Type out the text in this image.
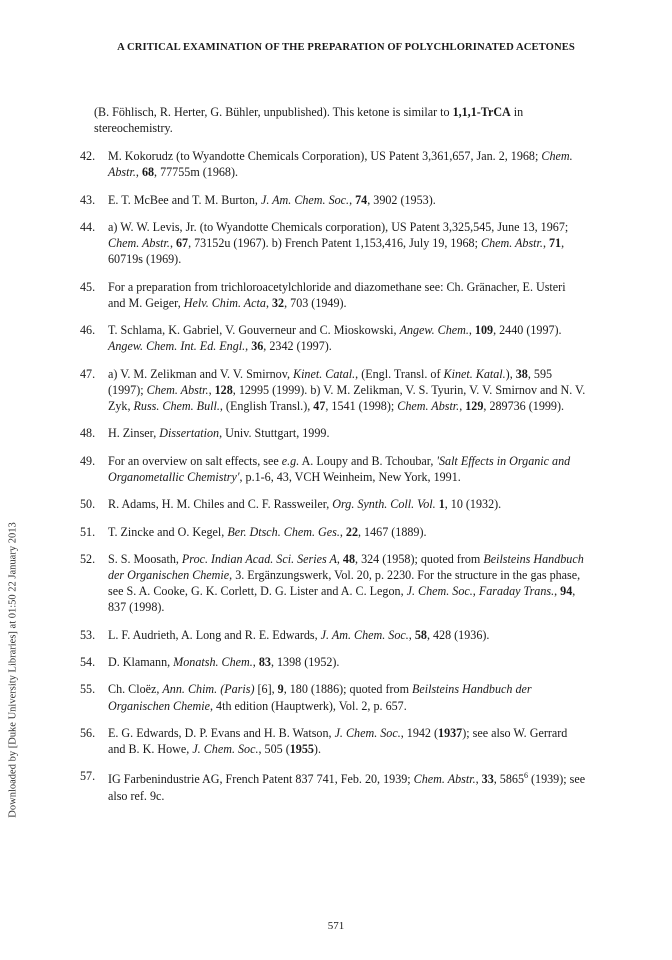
Downloaded by [Duke University Libraries] at 01:50 22 January 2013
A CRITICAL EXAMINATION OF THE PREPARATION OF POLYCHLORINATED ACETONES

(B. Föhlisch, R. Herter, G. Bühler, unpublished). This ketone is similar to 1,1,1-TrCA in stereochemistry.

42. M. Kokorudz (to Wyandotte Chemicals Corporation), US Patent 3,361,657, Jan. 2, 1968; Chem. Abstr., 68, 77755m (1968).

43. E. T. McBee and T. M. Burton, J. Am. Chem. Soc., 74, 3902 (1953).

44. a) W. W. Levis, Jr. (to Wyandotte Chemicals corporation), US Patent 3,325,545, June 13, 1967; Chem. Abstr., 67, 73152u (1967). b) French Patent 1,153,416, July 19, 1968; Chem. Abstr., 71, 60719s (1969).

45. For a preparation from trichloroacetylchloride and diazomethane see: Ch. Gränacher, E. Usteri and M. Geiger, Helv. Chim. Acta, 32, 703 (1949).

46. T. Schlama, K. Gabriel, V. Gouverneur and C. Mioskowski, Angew. Chem., 109, 2440 (1997). Angew. Chem. Int. Ed. Engl., 36, 2342 (1997).

47. a) V. M. Zelikman and V. V. Smirnov, Kinet. Catal., (Engl. Transl. of Kinet. Katal.), 38, 595 (1997); Chem. Abstr., 128, 12995 (1999). b) V. M. Zelikman, V. S. Tyurin, V. V. Smirnov and N. V. Zyk, Russ. Chem. Bull., (English Transl.), 47, 1541 (1998); Chem. Abstr., 129, 289736 (1999).

48. H. Zinser, Dissertation, Univ. Stuttgart, 1999.

49. For an overview on salt effects, see e.g. A. Loupy and B. Tchoubar, 'Salt Effects in Organic and Organometallic Chemistry', p.1-6, 43, VCH Weinheim, New York, 1991.

50. R. Adams, H. M. Chiles and C. F. Rassweiler, Org. Synth. Coll. Vol. 1, 10 (1932).

51. T. Zincke and O. Kegel, Ber. Dtsch. Chem. Ges., 22, 1467 (1889).

52. S. S. Moosath, Proc. Indian Acad. Sci. Series A, 48, 324 (1958); quoted from Beilsteins Handbuch der Organischen Chemie, 3. Ergänzungswerk, Vol. 20, p. 2230. For the structure in the gas phase, see S. A. Cooke, G. K. Corlett, D. G. Lister and A. C. Legon, J. Chem. Soc., Faraday Trans., 94, 837 (1998).

53. L. F. Audrieth, A. Long and R. E. Edwards, J. Am. Chem. Soc., 58, 428 (1936).

54. D. Klamann, Monatsh. Chem., 83, 1398 (1952).

55. Ch. Cloëz, Ann. Chim. (Paris) [6], 9, 180 (1886); quoted from Beilsteins Handbuch der Organischen Chemie, 4th edition (Hauptwerk), Vol. 2, p. 657.

56. E. G. Edwards, D. P. Evans and H. B. Watson, J. Chem. Soc., 1942 (1937); see also W. Gerrard and B. K. Howe, J. Chem. Soc., 505 (1955).

57. IG Farbenindustrie AG, French Patent 837 741, Feb. 20, 1939; Chem. Abstr., 33, 5865$^6$ (1939); see also ref. 9c.

571
